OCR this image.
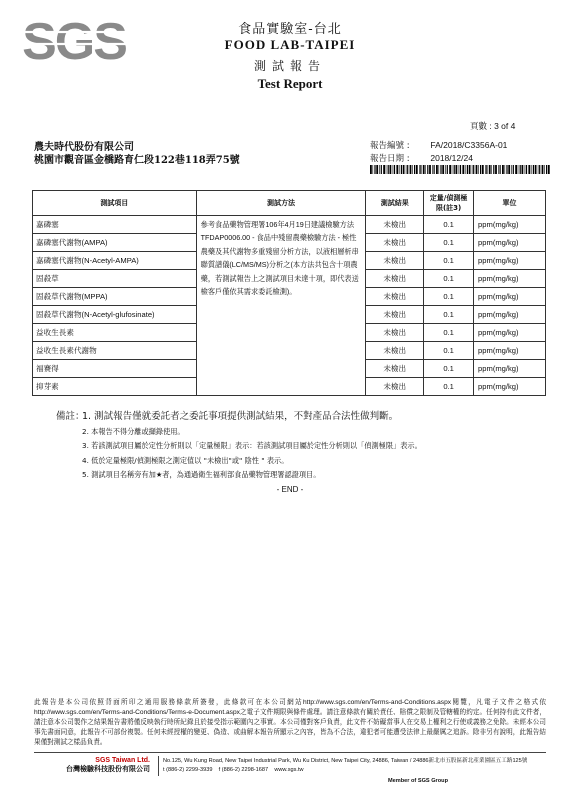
SGS	食品實驗室-台北
FOOD LAB-TAIPEI
測試報告
Test Report
頁數 : 3 of 4
農夫時代股份有限公司
桃園市觀音區金橋路育仁段122巷118弄75號
報告編號 : FA/2018/C3356A-01
報告日期 : 2018/12/24
測試項目	測試方法	測試結果	定量/偵測極限(註3)	單位
嘉磷塞	參考食品藥物管理署106年4月19日建議檢驗方法TFDAP0006.00 - 食品中殘留農藥檢驗方法 - 極性農藥及其代謝物多重殘留分析方法，以液相層析串聯質譜儀(LC/MS/MS)分析之(本方法共包含十項農藥，若測試報告上之測試項目未達十項，即代表送檢客戶僅依其需求委託檢測)。	未檢出	0.1	ppm(mg/kg)
嘉磷塞代謝物(AMPA)		未檢出	0.1	ppm(mg/kg)
嘉磷塞代謝物(N-Acetyl-AMPA)		未檢出	0.1	ppm(mg/kg)
固殺草		未檢出	0.1	ppm(mg/kg)
固殺草代謝物(MPPA)		未檢出	0.1	ppm(mg/kg)
固殺草代謝物(N-Acetyl-glufosinate)		未檢出	0.1	ppm(mg/kg)
益收生長素		未檢出	0.1	ppm(mg/kg)
益收生長素代謝物		未檢出	0.1	ppm(mg/kg)
福賽得		未檢出	0.1	ppm(mg/kg)
抑芽素		未檢出	0.1	ppm(mg/kg)
備註：1. 測試報告僅就委託者之委託事項提供測試結果，不對產品合法性做判斷。
2. 本報告不得分離或擷錄使用。
3. 若該測試項目屬於定性分析則以「定量極限」表示：若該測試項目屬於定性分析則以「偵測極限」表示。
4. 低於定量極限/偵測極限之測定值以 "未檢出"或" 陰性 " 表示。
5. 測試項目名稱旁有加★者，為通過衛生福利部食品藥物管理署認證項目。
- END -
此報告是本公司依照背面所印之通用服務條款所簽發，此條款可在本公司網站http://www.sgs.com/en/Terms-and-Conditions.aspx閱覽，凡電子文件之格式依http://www.sgs.com/en/Terms-and-Conditions/Terms-e-Document.aspx之電子文件期限與條件處理。請注意條款有關於責任、賠償之限制及管轄權的約定。任何持有此文件者，請注意本公司製作之結果報告書將僅反映執行時所紀錄且於接受指示範圍內之事實。本公司僅對客戶負責，此文件不妨礙當事人在交易上權利之行使或義務之免除。未經本公司事先書面同意，此報告不可部份複製。任何未經授權的變更、偽造、或曲解本報告所顯示之內容，皆為不合法，違犯者可能遭受法律上最嚴厲之追訴。除非另有說明，此報告結果僅對測試之樣品負責。
SGS Taiwan Ltd.
台灣檢驗科技股份有限公司
No.125, Wu Kung Road, New Taipei Industrial Park, Wu Ku District, New Taipei City, 24886, Taiwan / 24886新北市五股區新北產業園區五工路125號
t (886-2) 2299-3939 f (886-2) 2298-1687 www.sgs.tw
Member of SGS Group
